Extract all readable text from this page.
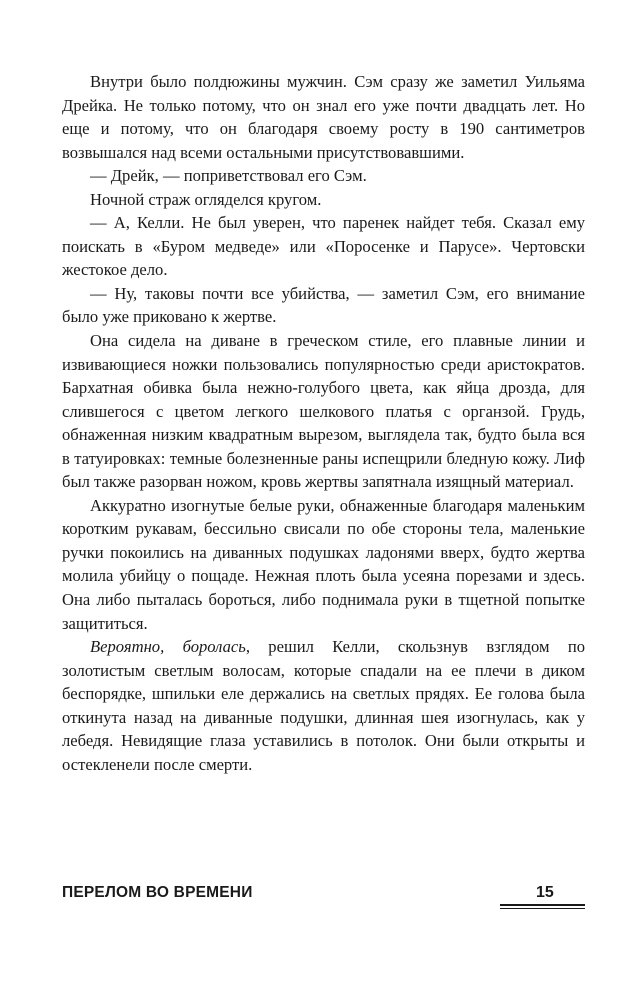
Внутри было полдюжины мужчин. Сэм сразу же заметил Уильяма Дрейка. Не только потому, что он знал его уже почти двадцать лет. Но еще и потому, что он благодаря своему росту в 190 сантиметров возвышался над всеми остальными присутствовавшими.

— Дрейк, — поприветствовал его Сэм.

Ночной страж огляделся кругом.

— А, Келли. Не был уверен, что паренек найдет тебя. Сказал ему поискать в «Буром медведе» или «Поросенке и Парусе». Чертовски жестокое дело.

— Ну, таковы почти все убийства, — заметил Сэм, его внимание было уже приковано к жертве.

Она сидела на диване в греческом стиле, его плавные линии и извивающиеся ножки пользовались популярностью среди аристократов. Бархатная обивка была нежно-голубого цвета, как яйца дрозда, для слившегося с цветом легкого шелкового платья с органзой. Грудь, обнаженная низким квадратным вырезом, выглядела так, будто была вся в татуировках: темные болезненные раны испещрили бледную кожу. Лиф был также разорван ножом, кровь жертвы запятнала изящный материал.

Аккуратно изогнутые белые руки, обнаженные благодаря маленьким коротким рукавам, бессильно свисали по обе стороны тела, маленькие ручки покоились на диванных подушках ладонями вверх, будто жертва молила убийцу о пощаде. Нежная плоть была усеяна порезами и здесь. Она либо пыталась бороться, либо поднимала руки в тщетной попытке защититься.

Вероятно, боролась, решил Келли, скользнув взглядом по золотистым светлым волосам, которые спадали на ее плечи в диком беспорядке, шпильки еле держались на светлых прядях. Ее голова была откинута назад на диванные подушки, длинная шея изогнулась, как у лебедя. Невидящие глаза уставились в потолок. Они были открыты и остекленели после смерти.

ПЕРЕЛОМ ВО ВРЕМЕНИ	15
